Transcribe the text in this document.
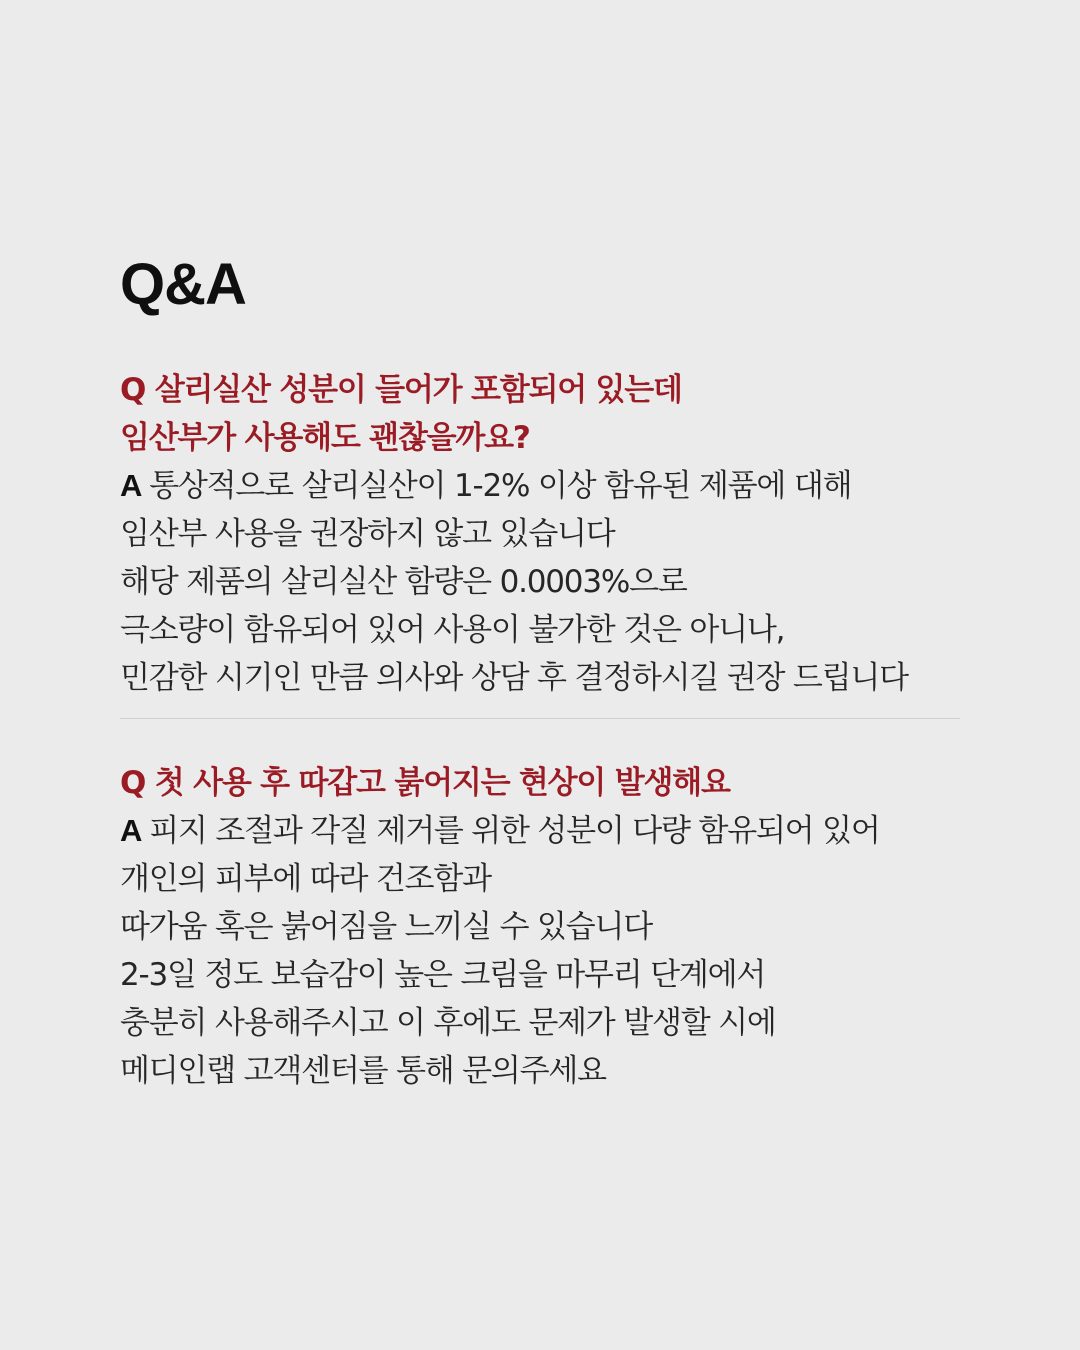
Q&A
Q 살리실산 성분이 들어가 포함되어 있는데
임산부가 사용해도 괜찮을까요?
A 통상적으로 살리실산이 1-2% 이상 함유된 제품에 대해
임산부 사용을 권장하지 않고 있습니다
해당 제품의 살리실산 함량은 0.0003%으로
극소량이 함유되어 있어 사용이 불가한 것은 아니나,
민감한 시기인 만큼 의사와 상담 후 결정하시길 권장 드립니다
Q 첫 사용 후 따갑고 붉어지는 현상이 발생해요
A 피지 조절과 각질 제거를 위한 성분이 다량 함유되어 있어
개인의 피부에 따라 건조함과
따가움 혹은 붉어짐을 느끼실 수 있습니다
2-3일 정도 보습감이 높은 크림을 마무리 단계에서
충분히 사용해주시고 이 후에도 문제가 발생할 시에
메디인랩 고객센터를 통해 문의주세요
